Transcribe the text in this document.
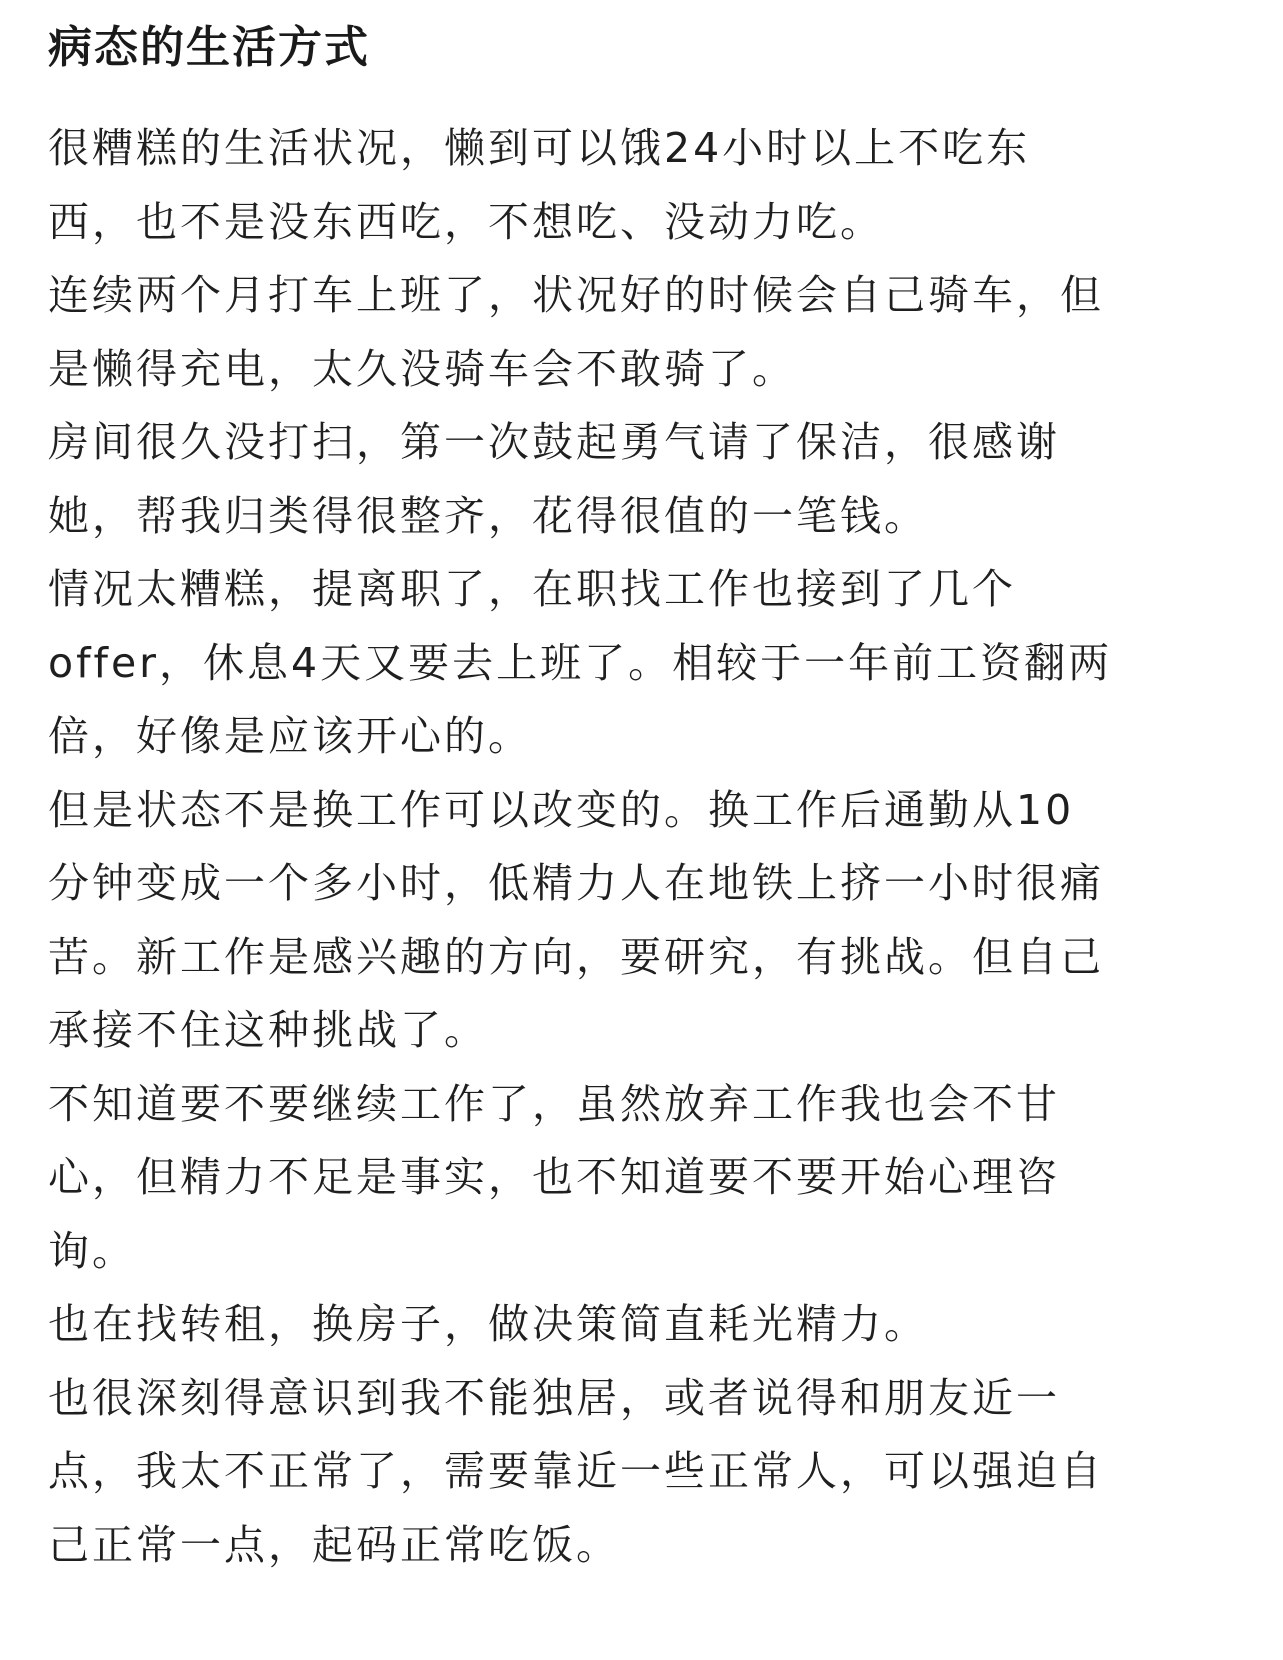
病态的生活方式
很糟糕的生活状况，懒到可以饿24小时以上不吃东
西，也不是没东西吃，不想吃、没动力吃。
连续两个月打车上班了，状况好的时候会自己骑车，但
是懒得充电，太久没骑车会不敢骑了。
房间很久没打扫，第一次鼓起勇气请了保洁，很感谢
她，帮我归类得很整齐，花得很值的一笔钱。
情况太糟糕，提离职了，在职找工作也接到了几个
offer，休息4天又要去上班了。相较于一年前工资翻两
倍，好像是应该开心的。
但是状态不是换工作可以改变的。换工作后通勤从10
分钟变成一个多小时，低精力人在地铁上挤一小时很痛
苦。新工作是感兴趣的方向，要研究，有挑战。但自己
承接不住这种挑战了。
不知道要不要继续工作了，虽然放弃工作我也会不甘
心，但精力不足是事实，也不知道要不要开始心理咨
询。
也在找转租，换房子，做决策简直耗光精力。
也很深刻得意识到我不能独居，或者说得和朋友近一
点，我太不正常了，需要靠近一些正常人，可以强迫自
己正常一点，起码正常吃饭。
